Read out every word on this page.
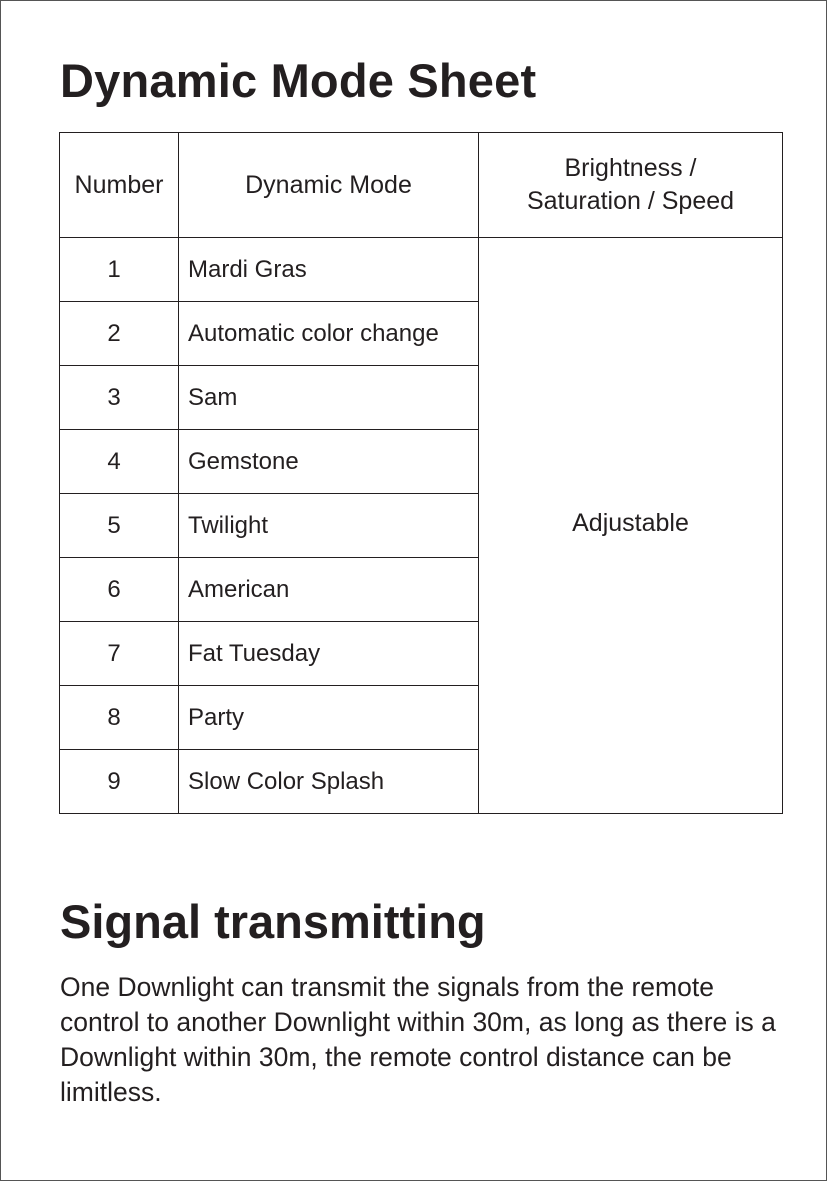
Dynamic Mode Sheet
Number	Dynamic Mode	Brightness /
Saturation / Speed
1	Mardi Gras	Adjustable
2	Automatic color change	
3	Sam	
4	Gemstone	
5	Twilight	
6	American	
7	Fat Tuesday	
8	Party	
9	Slow Color Splash	
Signal transmitting

One Downlight can transmit the signals from the remote control to another Downlight within 30m, as long as there is a Downlight within 30m, the remote control distance can be limitless.
